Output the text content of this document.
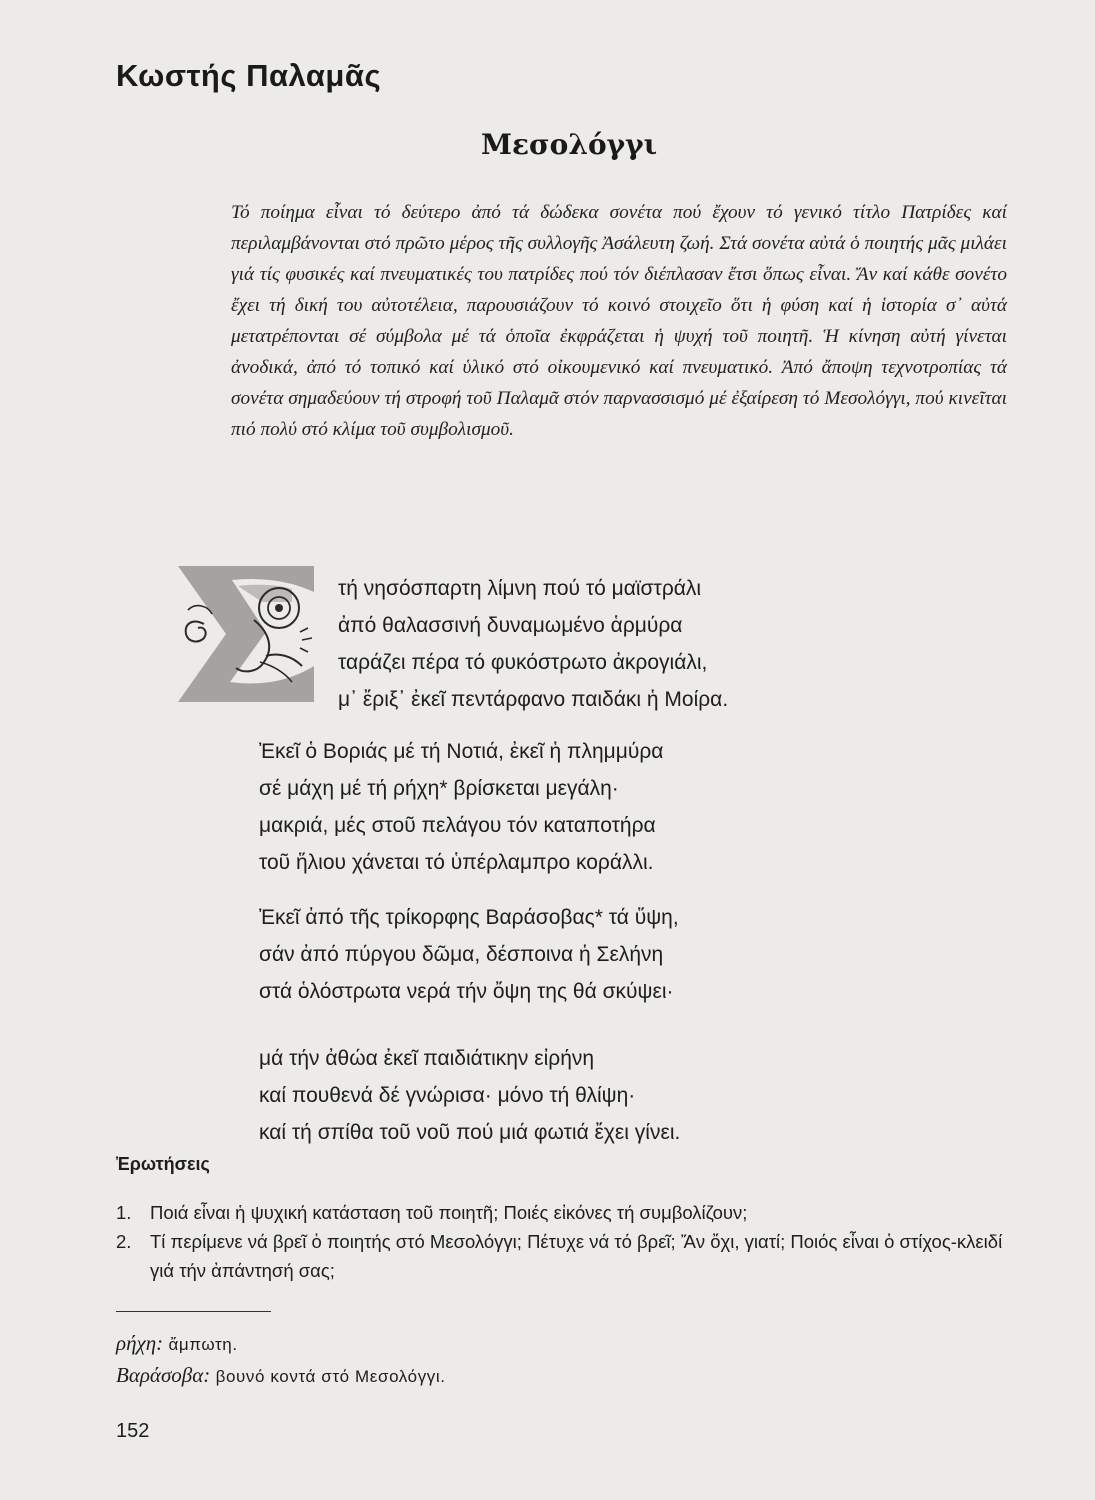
Κωστής Παλαμᾶς
Μεσολόγγι

Τό ποίημα εἶναι τό δεύτερο ἀπό τά δώδεκα σονέτα πού ἔχουν τό γενικό τίτλο Πατρίδες καί περιλαμβάνονται στό πρῶτο μέρος τῆς συλλογῆς Ἀσάλευτη ζωή. Στά σονέτα αὐτά ὁ ποιητής μᾶς μιλάει γιά τίς φυσικές καί πνευματικές του πατρίδες πού τόν διέπλασαν ἔτσι ὅπως εἶναι. Ἄν καί κάθε σονέτο ἔχει τή δική του αὐτοτέλεια, παρουσιάζουν τό κοινό στοιχεῖο ὅτι ἡ φύση καί ἡ ἱστορία σ᾽ αὐτά μετατρέπονται σέ σύμβολα μέ τά ὁποῖα ἐκφράζεται ἡ ψυχή τοῦ ποιητῆ. Ἡ κίνηση αὐτή γίνεται ἀνοδικά, ἀπό τό τοπικό καί ὑλικό στό οἰκουμενικό καί πνευματικό. Ἀπό ἄποψη τεχνοτροπίας τά σονέτα σημαδεύουν τή στροφή τοῦ Παλαμᾶ στόν παρνασσισμό μέ ἐξαίρεση τό Μεσολόγγι, πού κινεῖται πιό πολύ στό κλίμα τοῦ συμβολισμοῦ.

τή νησόσπαρτη λίμνη πού τό μαϊστράλι
ἀπό θαλασσινή δυναμωμένο ἁρμύρα
ταράζει πέρα τό φυκόστρωτο ἀκρογιάλι,
μ᾽ ἔριξ᾽ ἐκεῖ πεντάρφανο παιδάκι ἡ Μοίρα.
Ἐκεῖ ὁ Βοριάς μέ τή Νοτιά, ἐκεῖ ἡ πλημμύρα
σέ μάχη μέ τή ρήχη* βρίσκεται μεγάλη·
μακριά, μές στοῦ πελάγου τόν καταποτήρα
τοῦ ἥλιου χάνεται τό ὑπέρλαμπρο κοράλλι.
Ἐκεῖ ἀπό τῆς τρίκορφης Βαράσοβας* τά ὕψη,
σάν ἀπό πύργου δῶμα, δέσποινα ἡ Σελήνη
στά ὁλόστρωτα νερά τήν ὄψη της θά σκύψει·
μά τήν ἀθώα ἐκεῖ παιδιάτικην εἰρήνη
καί πουθενά δέ γνώρισα· μόνο τή θλίψη·
καί τή σπίθα τοῦ νοῦ πού μιά φωτιά ἔχει γίνει.
Ἐρωτήσεις
1. Ποιά εἶναι ἡ ψυχική κατάσταση τοῦ ποιητῆ; Ποιές εἰκόνες τή συμβολίζουν;
2. Τί περίμενε νά βρεῖ ὁ ποιητής στό Μεσολόγγι; Πέτυχε νά τό βρεῖ; Ἄν ὄχι, γιατί; Ποιός εἶναι ὁ στίχος-κλειδί γιά τήν ἀπάντησή σας;
ρήχη: ἄμπωτη.
Βαράσοβα: βουνό κοντά στό Μεσολόγγι.

152
